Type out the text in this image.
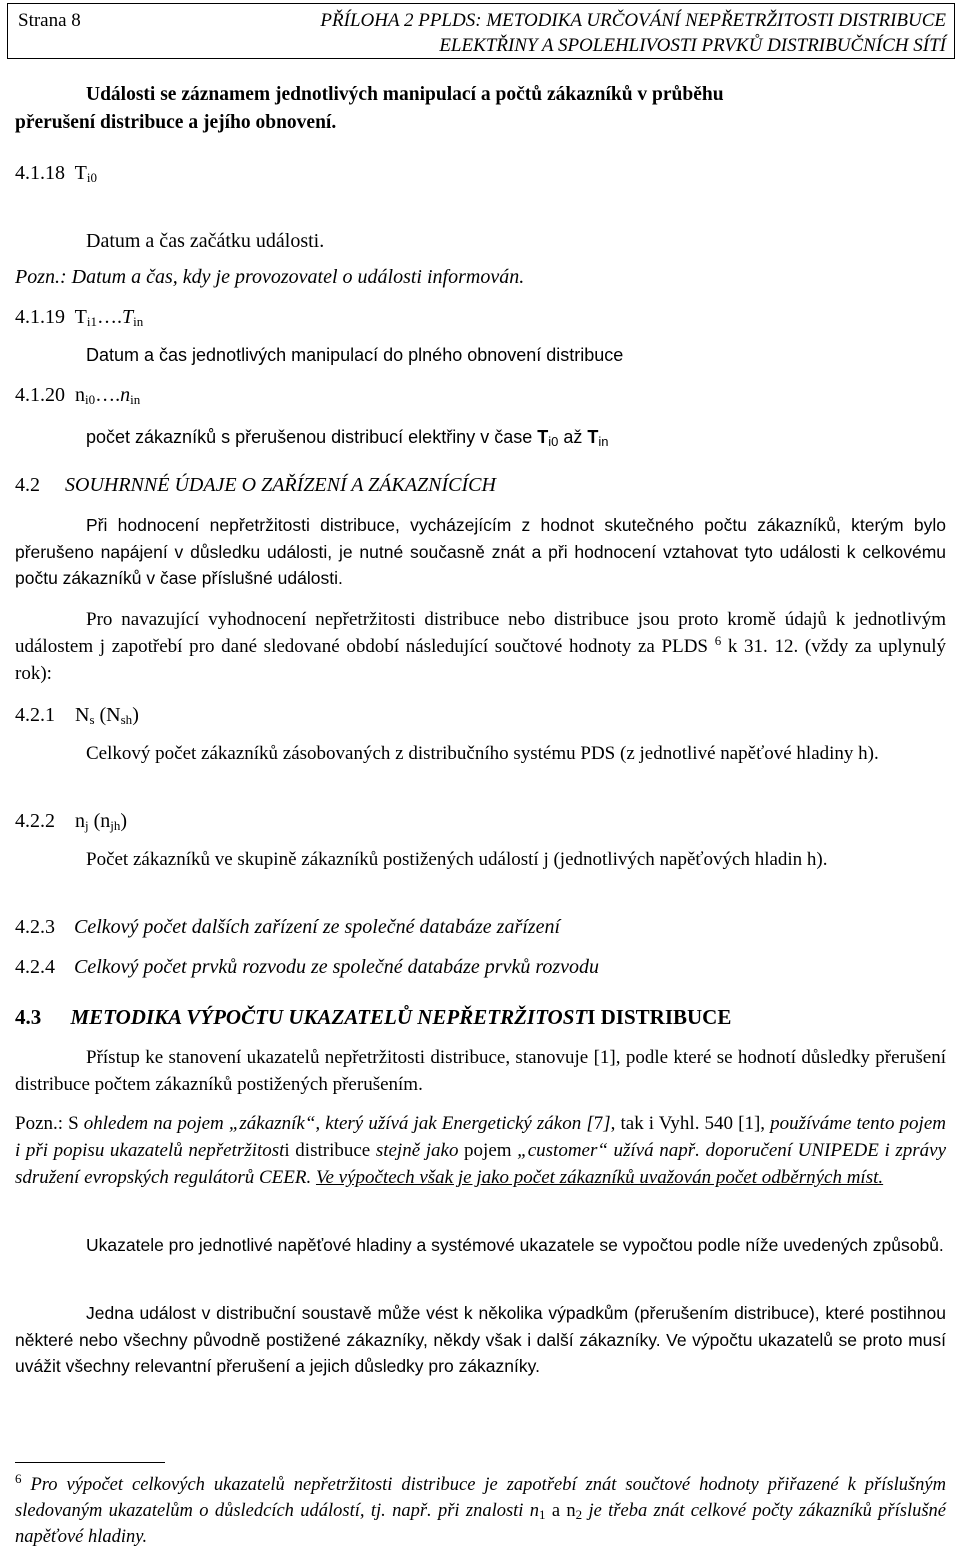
Strana 8	PŘÍLOHA 2 PPLDS: METODIKA URČOVÁNÍ NEPŘETRŽITOSTI DISTRIBUCE
ELEKTŘINY A SPOLEHLIVOSTI PRVKŮ DISTRIBUČNÍCH SÍTÍ
Události se záznamem jednotlivých manipulací a počtů zákazníků v průběhu
přerušení distribuce a jejího obnovení.
4.1.18 $T_{i0}$
Datum a čas začátku události.
Pozn.: Datum a čas, kdy je provozovatel o události informován.
4.1.19 $T_{i1}\dots.T_{in}$
Datum a čas jednotlivých manipulací do plného obnovení distribuce
4.1.20 $n_{i0}\dots.n_{in}$
počet zákazníků s přerušenou distribucí elektřiny v čase $T_{i0}$ až $T_{in}$
4.2 SOUHRNNÉ ÚDAJE O ZAŘÍZENÍ A ZÁKAZNÍCÍCH
Při hodnocení nepřetržitosti distribuce, vycházejícím z hodnot skutečného počtu zákazníků, kterým bylo přerušeno napájení v důsledku události, je nutné současně znát a při hodnocení vztahovat tyto události k celkovému počtu zákazníků v čase příslušné události.
Pro navazující vyhodnocení nepřetržitosti distribuce nebo distribuce jsou proto kromě údajů k jednotlivým událostem j zapotřebí pro dané sledované období následující součtové hodnoty za PLDS $^6$ k 31. 12. (vždy za uplynulý rok):
4.2.1 $N_s$ $(N_{sh})$
Celkový počet zákazníků zásobovaných z distribučního systému PDS (z jednotlivé napěťové hladiny h).
4.2.2 $n_j$ $(n_{jh})$
Počet zákazníků ve skupině zákazníků postižených událostí j (jednotlivých napěťových hladin h).
4.2.3 Celkový počet dalších zařízení ze společné databáze zařízení
4.2.4 Celkový počet prvků rozvodu ze společné databáze prvků rozvodu
4.3 METODIKA VÝPOČTU UKAZATELŮ NEPŘETRŽITOSTI DISTRIBUCE
Přístup ke stanovení ukazatelů nepřetržitosti distribuce, stanovuje [1], podle které se hodnotí důsledky přerušení distribuce počtem zákazníků postižených přerušením.
Pozn.: S ohledem na pojem „zákazník“, který užívá jak Energetický zákon [7], tak i Vyhl. 540 [1], používáme tento pojem i při popisu ukazatelů nepřetržitosti distribuce stejně jako pojem „customer“ užívá např. doporučení UNIPEDE i zprávy sdružení evropských regulátorů CEER. Ve výpočtech však je jako počet zákazníků uvažován počet odběrných míst.
Ukazatele pro jednotlivé napěťové hladiny a systémové ukazatele se vypočtou podle níže uvedených způsobů.
Jedna událost v distribuční soustavě může vést k několika výpadkům (přerušením distribuce), které postihnou některé nebo všechny původně postižené zákazníky, někdy však i další zákazníky. Ve výpočtu ukazatelů se proto musí uvážit všechny relevantní přerušení a jejich důsledky pro zákazníky.
$^6$ Pro výpočet celkových ukazatelů nepřetržitosti distribuce je zapotřebí znát součtové hodnoty přiřazené k příslušným sledovaným ukazatelům o důsledcích událostí, tj. např. při znalosti $n_1$ a $n_2$ je třeba znát celkové počty zákazníků příslušné napěťové hladiny.
